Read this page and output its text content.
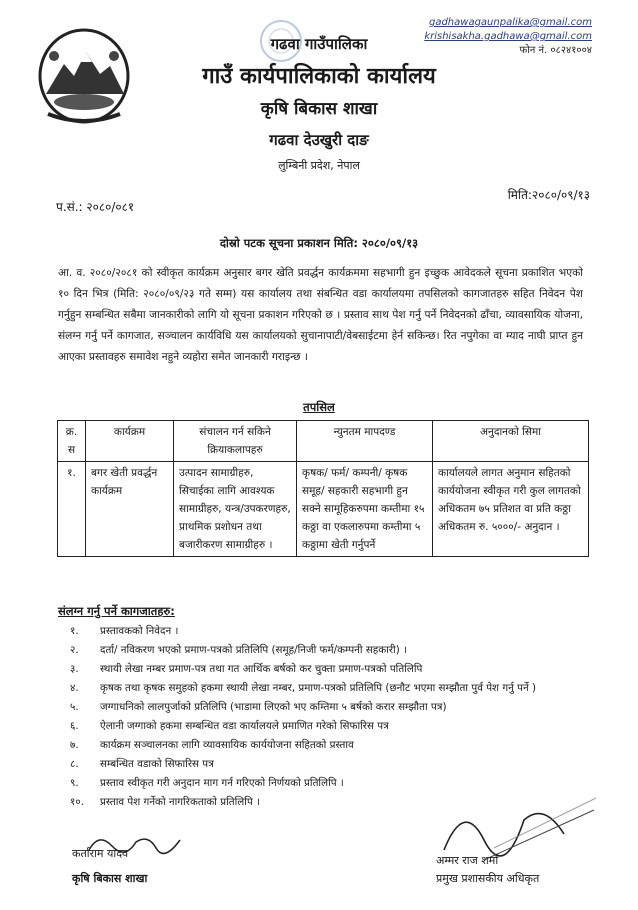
gadhawagaunpalika@gmail.com
krishisakha.gadhawa@gmail.com
फोन नं. ०८२४१००४
गढवा गाउँपालिका
गाउँ कार्यपालिकाको कार्यालय
कृषि बिकास शाखा
गढवा देउखुरी दाङ
लुम्बिनी प्रदेश, नेपाल
प.सं.: २०८०/०८१
मिति:२०८०/०९/१३
दोस्रो पटक सूचना प्रकाशन मिति: २०८०/०९/१३
आ. व. २०८०/२०८१ को स्वीकृत कार्यक्रम अनुसार बगर खेति प्रवर्द्धन कार्यक्रममा सहभागी हुन इच्छुक आवेदकले सूचना प्रकाशित भएको १० दिन भित्र (मिति: २०८०/०९/२३ गते सम्म) यस कार्यालय तथा संबन्धित वडा कार्यालयमा तपसिलको कागजातहरु सहित निवेदन पेश गर्नुहुन सम्बन्धित सबैमा जानकारीको लागि यो सूचना प्रकाशन गरिएको छ । प्रस्ताव साथ पेश गर्नु पर्ने निवेदनको ढाँचा, व्यावसायिक योजना, संलग्न गर्नु पर्ने कागजात, सञ्चालन कार्यविधि यस कार्यालयको सुचानापाटी/वेबसाईटमा हेर्न सकिन्छ। रित नपुगेका वा म्याद नाघी प्राप्त हुन आएका प्रस्तावहरु समावेश नहुने व्यहोरा समेत जानकारी गराइन्छ ।
तपसिल
क्र. स	कार्यक्रम	संचालन गर्न सकिने क्रियाकलापहरु	न्युनतम मापदण्ड	अनुदानको सिमा
१.	बगर खेती प्रवर्द्धन कार्यक्रम	उत्पादन सामाग्रीहरु, सिचाईका लागि आवश्यक सामाग्रीहरु, यन्त्र/उपकरणहरु, प्राथमिक प्रशोधन तथा बजारीकरण सामाग्रीहरु ।	कृषक/ फर्म/ कम्पनी/ कृषक समूह/ सहकारी सहभागी हुन सक्ने सामूहिकरुपमा कम्तीमा १५ कठ्ठा वा एकलारुपमा कम्तीमा ५ कठ्ठामा खेती गर्नुपर्ने	कार्यालयले लागत अनुमान सहितको कार्ययोजना स्वीकृत गरी कुल लागतको अधिकतम ७५ प्रतिशत वा प्रति कठ्ठा अधिकतम रु. ५०००/- अनुदान ।
संलग्न गर्नु पर्ने कागजातहरु:
१.	प्रस्तावकको निवेदन ।
२.	दर्ता/ नविकरण भएको प्रमाण-पत्रको प्रतिलिपि (समूह/निजी फर्म/कम्पनी सहकारी) ।
३.	स्थायी लेखा नम्बर प्रमाण-पत्र तथा गत आर्थिक बर्षको कर चुक्ता प्रमाण-पत्रको पतिलिपि
४.	कृषक तथा कृषक समुहको हकमा स्थायी लेखा नम्बर, प्रमाण-पत्रको प्रतिलिपि (छनौट भएमा सम्झौता पुर्व पेश गर्नु पर्ने )
५.	जग्गाधनिको लालपुर्जाको प्रतिलिपि (भाडामा लिएको भए कम्तिमा ५ बर्षको करार सम्झौता पत्र)
६.	ऐलानी जग्गाको हकमा सम्बन्धित वडा कार्यालयले प्रमाणित गरेको सिफारिस पत्र
७.	कार्यक्रम सञ्चालनका लागि व्यावसायिक कार्ययोजना सहितको प्रस्ताव
८.	सम्बन्धित वडाको सिफारिस पत्र
९.	प्रस्ताव स्वीकृत गरी अनुदान माग गर्न गरिएको निर्णयको प्रतिलिपि ।
१०.	प्रस्ताव पेश गर्नेको नागरिकताको प्रतिलिपि ।
कर्ताराम यादव
कृषि बिकास शाखा
अम्मर राज शर्मा
प्रमुख प्रशासकीय अधिकृत
